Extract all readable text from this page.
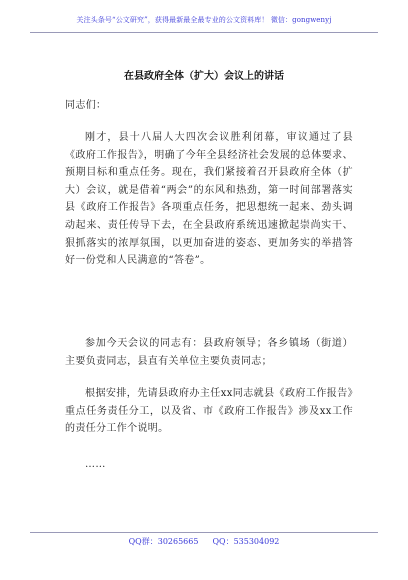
关注头条号“公文研究”，获得最新最全最专业的公文资料库！ 微信：gongwenyj
在县政府全体（扩大）会议上的讲话
同志们：
刚才，县十八届人大四次会议胜利闭幕，审议通过了县《政府工作报告》，明确了今年全县经济社会发展的总体要求、预期目标和重点任务。现在，我们紧接着召开县政府全体（扩大）会议，就是借着“两会”的东风和热劲，第一时间部署落实县《政府工作报告》各项重点任务，把思想统一起来、劲头调动起来、责任传导下去，在全县政府系统迅速掀起崇尚实干、狠抓落实的浓厚氛围，以更加奋进的姿态、更加务实的举措答好一份党和人民满意的“答卷”。
参加今天会议的同志有：县政府领导；各乡镇场（街道）主要负责同志，县直有关单位主要负责同志；
根据安排，先请县政府办主任xx同志就县《政府工作报告》重点任务责任分工，以及省、市《政府工作报告》涉及xx工作的责任分工作个说明。
……
QQ群：30265665 QQ：535304092
